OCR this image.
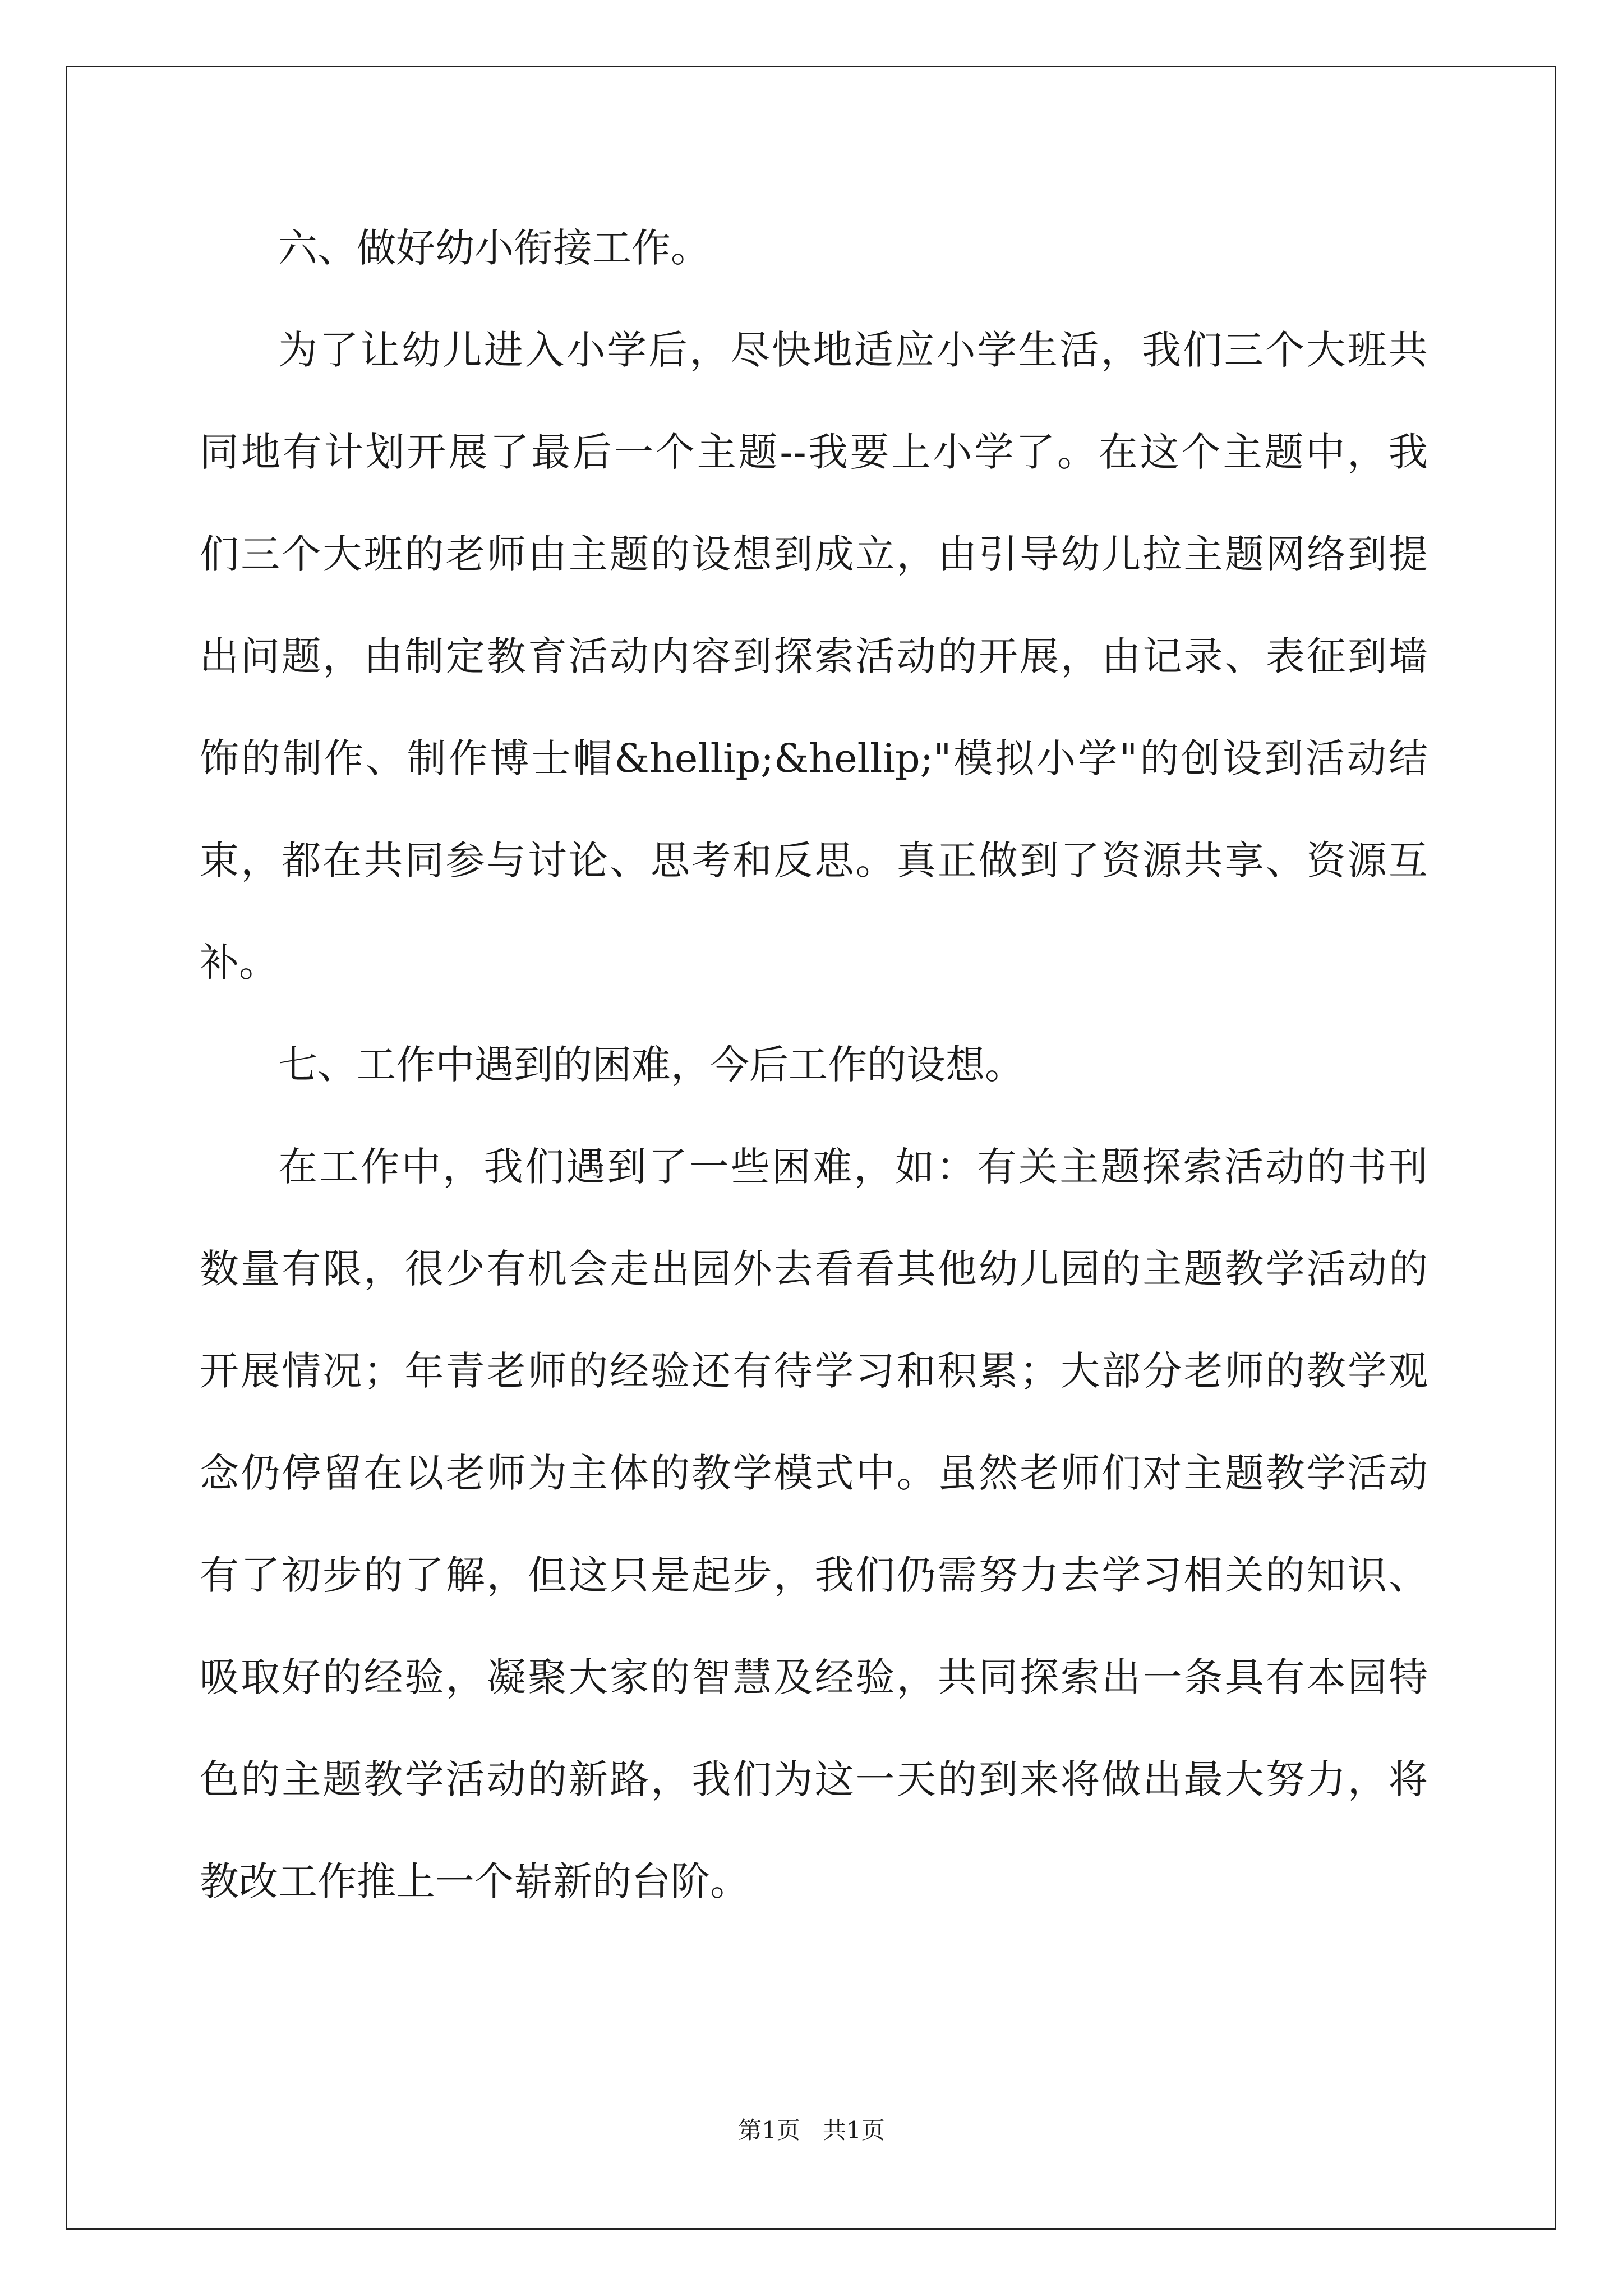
六、做好幼小衔接工作。
为了让幼儿进入小学后，尽快地适应小学生活，我们三个大班共
同地有计划开展了最后一个主题--我要上小学了。在这个主题中，我
们三个大班的老师由主题的设想到成立，由引导幼儿拉主题网络到提
出问题，由制定教育活动内容到探索活动的开展，由记录、表征到墙
饰的制作、制作博士帽&hellip;&hellip;"模拟小学"的创设到活动结
束，都在共同参与讨论、思考和反思。真正做到了资源共享、资源互
补。
七、工作中遇到的困难，今后工作的设想。
在工作中，我们遇到了一些困难，如：有关主题探索活动的书刊
数量有限，很少有机会走出园外去看看其他幼儿园的主题教学活动的
开展情况；年青老师的经验还有待学习和积累；大部分老师的教学观
念仍停留在以老师为主体的教学模式中。虽然老师们对主题教学活动
有了初步的了解，但这只是起步，我们仍需努力去学习相关的知识、
吸取好的经验，凝聚大家的智慧及经验，共同探索出一条具有本园特
色的主题教学活动的新路，我们为这一天的到来将做出最大努力，将
教改工作推上一个崭新的台阶。
第1页   共1页
